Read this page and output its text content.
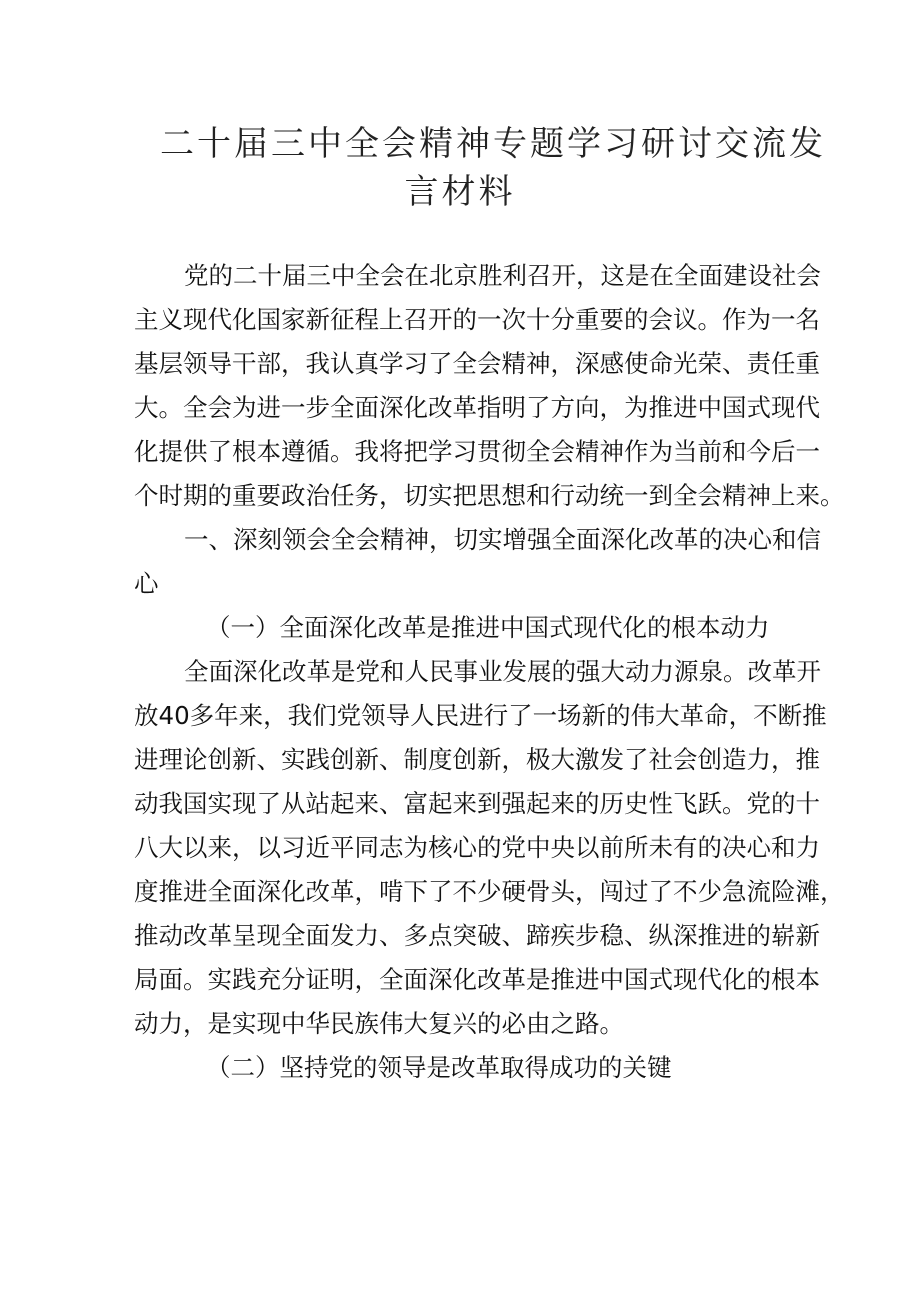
二十届三中全会精神专题学习研讨交流发
言材料
党的二十届三中全会在北京胜利召开，这是在全面建设社会
主义现代化国家新征程上召开的一次十分重要的会议。作为一名
基层领导干部，我认真学习了全会精神，深感使命光荣、责任重
大。全会为进一步全面深化改革指明了方向，为推进中国式现代
化提供了根本遵循。我将把学习贯彻全会精神作为当前和今后一
个时期的重要政治任务，切实把思想和行动统一到全会精神上来。
一、深刻领会全会精神，切实增强全面深化改革的决心和信
心
（一）全面深化改革是推进中国式现代化的根本动力
全面深化改革是党和人民事业发展的强大动力源泉。改革开
放40多年来，我们党领导人民进行了一场新的伟大革命，不断推
进理论创新、实践创新、制度创新，极大激发了社会创造力，推
动我国实现了从站起来、富起来到强起来的历史性飞跃。党的十
八大以来，以习近平同志为核心的党中央以前所未有的决心和力
度推进全面深化改革，啃下了不少硬骨头，闯过了不少急流险滩，
推动改革呈现全面发力、多点突破、蹄疾步稳、纵深推进的崭新
局面。实践充分证明，全面深化改革是推进中国式现代化的根本
动力，是实现中华民族伟大复兴的必由之路。
（二）坚持党的领导是改革取得成功的关键
